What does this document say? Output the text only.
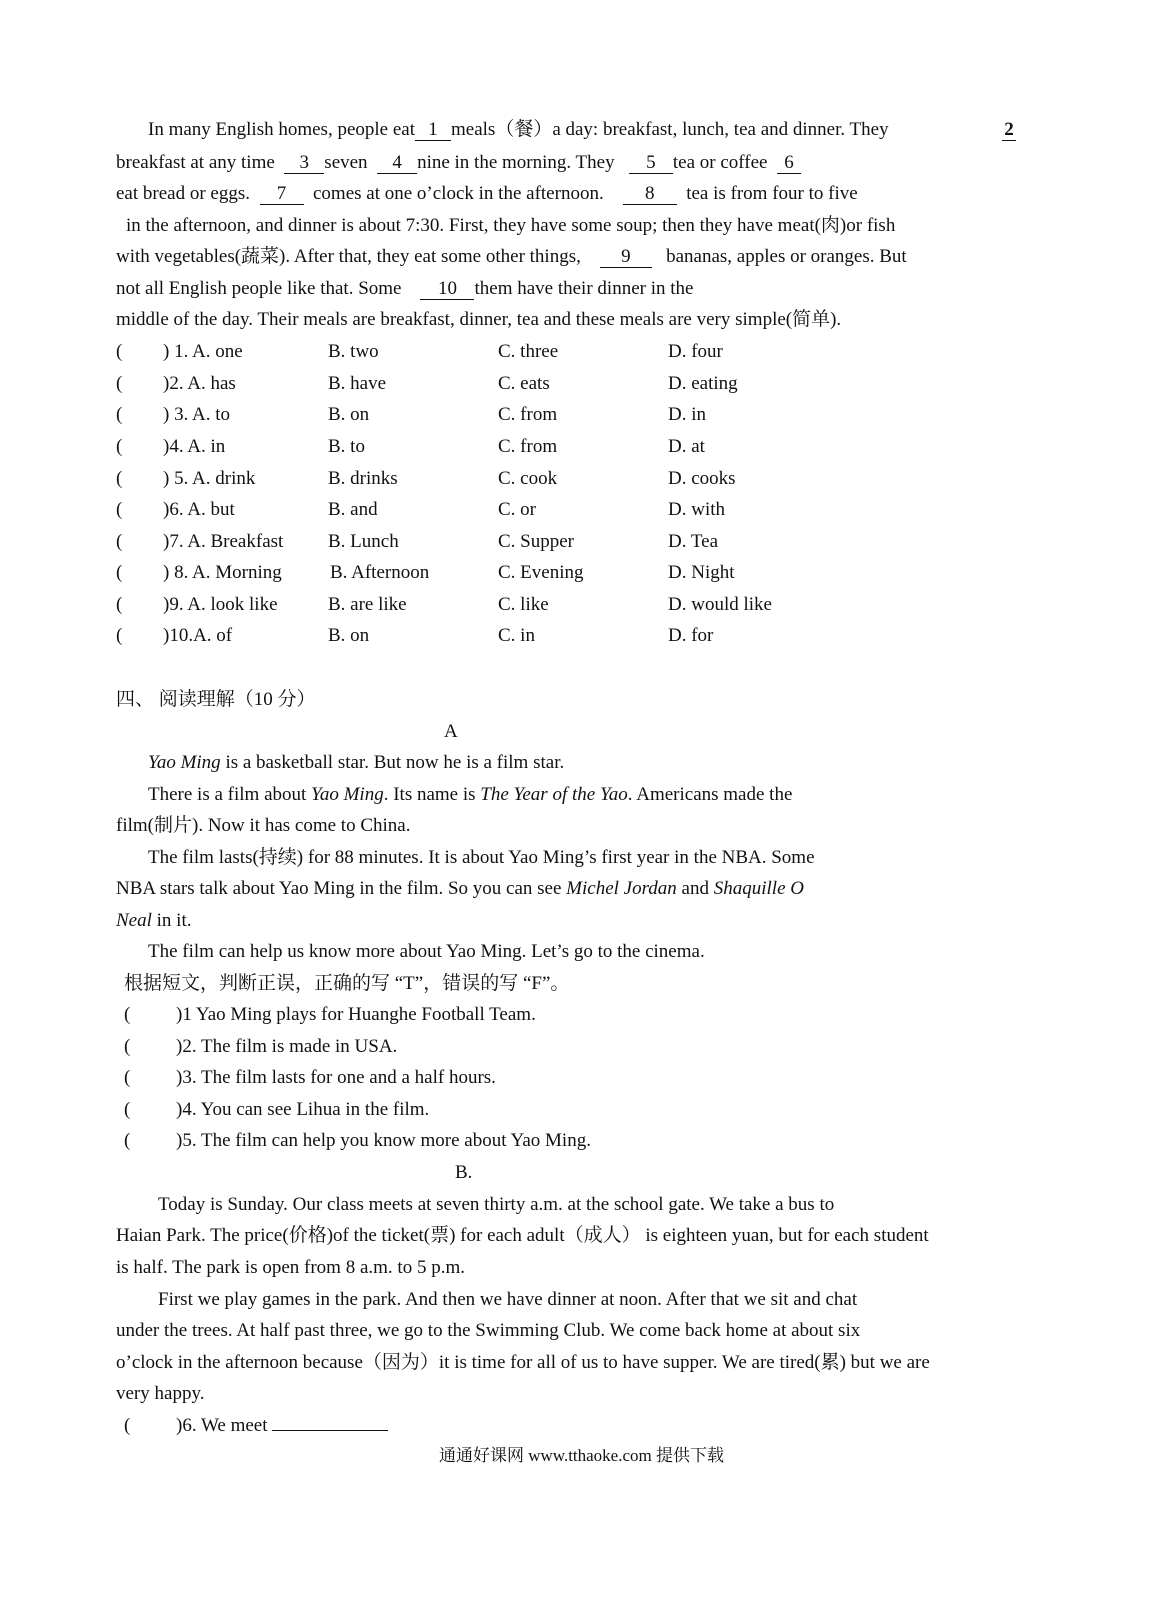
In many English homes, people eat 1 meals（餐）a day: breakfast, lunch, tea and dinner. They	2
breakfast at any time 3 seven 4 nine in the morning. They 5 tea or coffee 6
eat bread or eggs. 7 comes at one o’clock in the afternoon. 8 tea is from four to five
in the afternoon, and dinner is about 7:30. First, they have some soup; then they have meat(肉)or fish
with vegetables(蔬菜). After that, they eat some other things, 9 bananas, apples or oranges. But
not all English people like that. Some 10 them have their dinner in the
middle of the day. Their meals are breakfast, dinner, tea and these meals are very simple(简单).
( ) 1. A. one	B. two	C. three	D. four
( )2. A. has	B. have	C. eats	D. eating
( ) 3. A. to	B. on	C. from	D. in
( )4. A. in	B. to	C. from	D. at
( ) 5. A. drink	B. drinks	C. cook	D. cooks
( )6. A. but	B. and	C. or	D. with
( )7. A. Breakfast B. Lunch	C. Supper	D. Tea
( ) 8. A. Morning	B. Afternoon	C. Evening	D. Night
( )9. A. look like	B. are like	C. like	D. would like
( )10.A. of	B. on	C. in	D. for
四、 阅读理解（10 分）
A
Yao Ming is a basketball star. But now he is a film star.
There is a film about Yao Ming. Its name is The Year of the Yao. Americans made the
film(制片). Now it has come to China.
The film lasts(持续) for 88 minutes. It is about Yao Ming’s first year in the NBA. Some
NBA stars talk about Yao Ming in the film. So you can see Michel Jordan and Shaquille O
Neal in it.
The film can help us know more about Yao Ming. Let’s go to the cinema.
根据短文，判断正误，正确的写 “T”，错误的写 “F”。
( )1 Yao Ming plays for Huanghe Football Team.
( )2. The film is made in USA.
( )3. The film lasts for one and a half hours.
( )4. You can see Lihua in the film.
( )5. The film can help you know more about Yao Ming.
B.
Today is Sunday. Our class meets at seven thirty a.m. at the school gate. We take a bus to
Haian Park. The price(价格)of the ticket(票) for each adult（成人） is eighteen yuan, but for each student
is half. The park is open from 8 a.m. to 5 p.m.
First we play games in the park. And then we have dinner at noon. After that we sit and chat
under the trees. At half past three, we go to the Swimming Club. We come back home at about six
o’clock in the afternoon because（因为）it is time for all of us to have supper. We are tired(累) but we are
very happy.
( )6. We meet
通通好课网 www.tthaoke.com 提供下载
